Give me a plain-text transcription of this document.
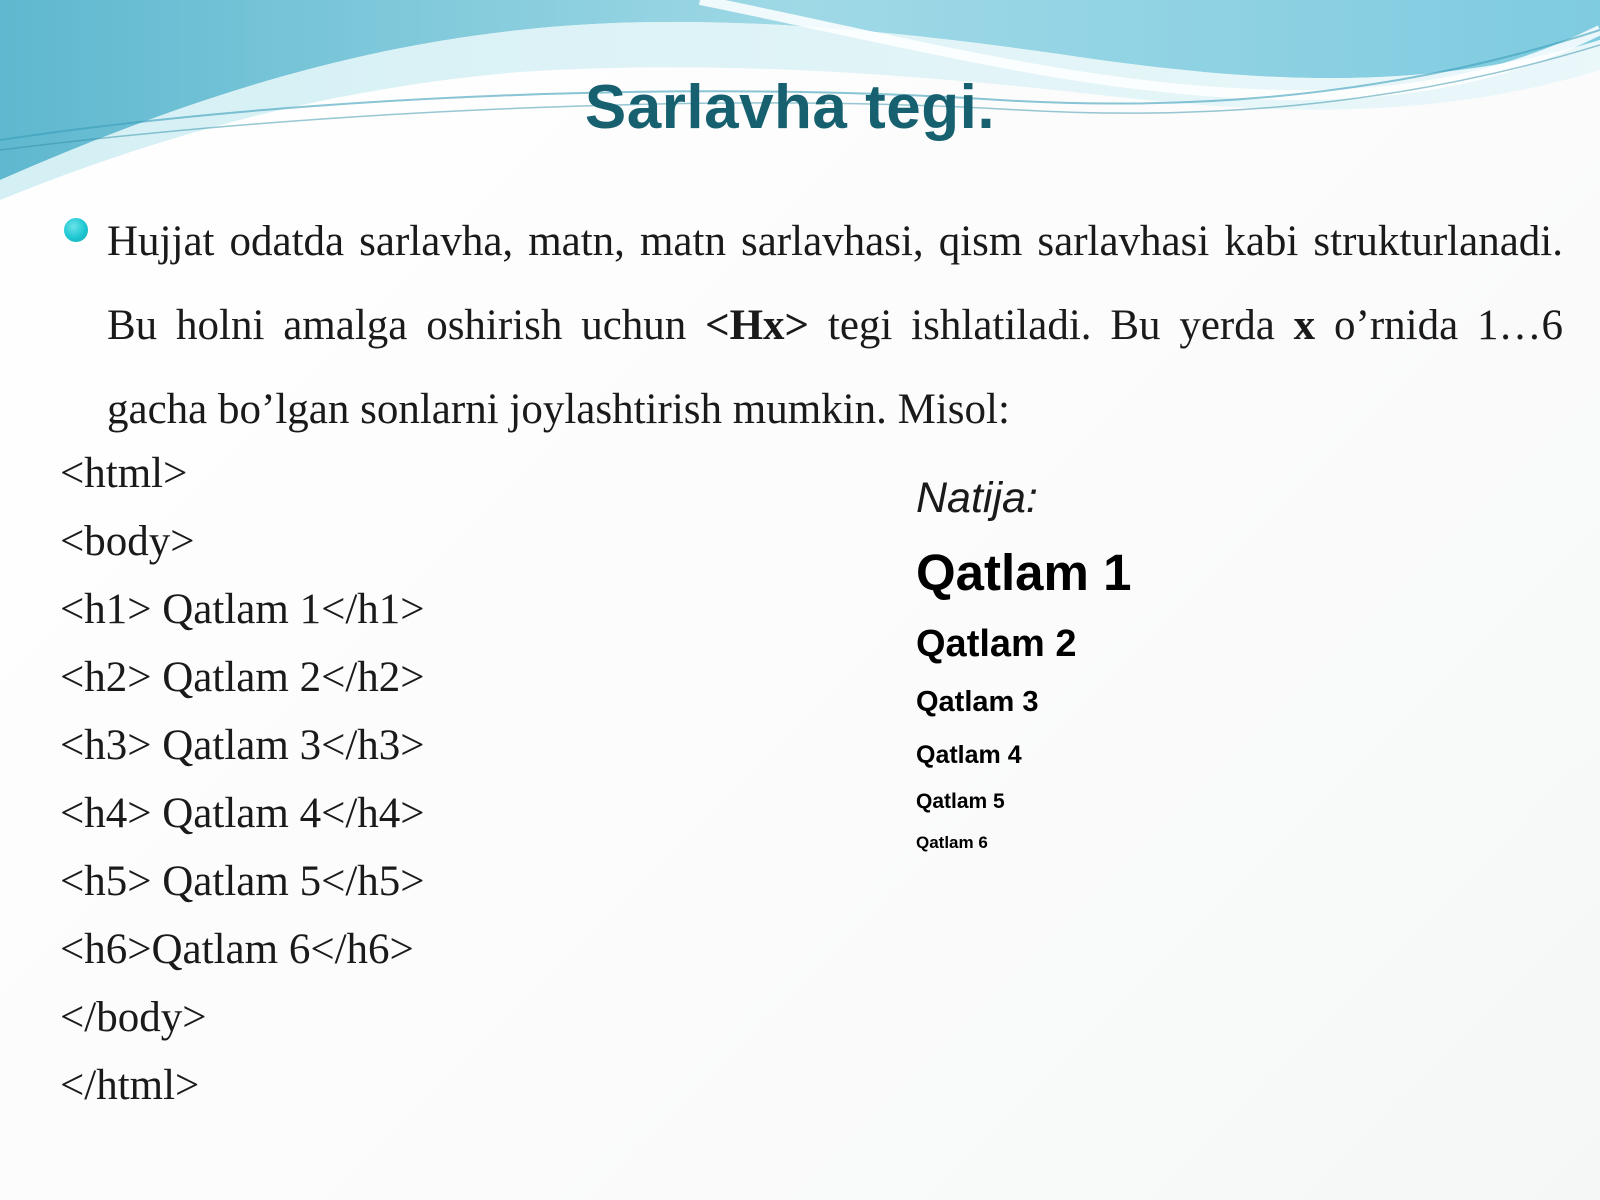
Sarlavha tegi.

Hujjat odatda sarlavha, matn, matn sarlavhasi, qism sarlavhasi kabi strukturlanadi. Bu holni amalga oshirish uchun <Hx> tegi ishlatiladi. Bu yerda x o’rnida 1…6 gacha bo’lgan sonlarni joylashtirish mumkin. Misol:

<html>
<body>
<h1> Qatlam 1</h1>
<h2> Qatlam 2</h2>
<h3> Qatlam 3</h3>
<h4> Qatlam 4</h4>
<h5> Qatlam 5</h5>
<h6>Qatlam 6</h6>
</body>
</html>

Natija:

Qatlam 1

Qatlam 2

Qatlam 3

Qatlam 4

Qatlam 5

Qatlam 6
